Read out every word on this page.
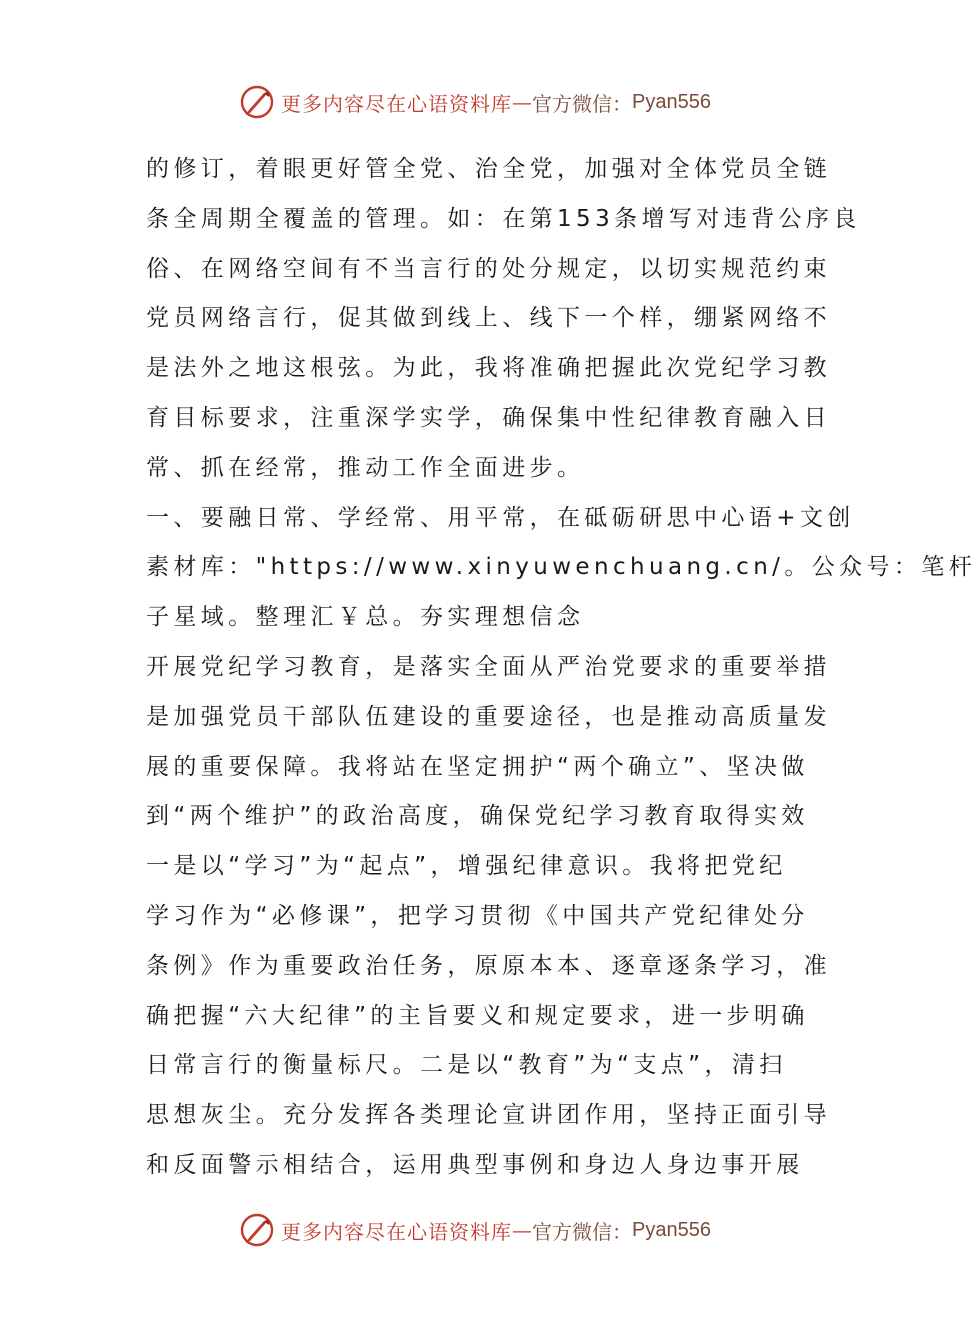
更多内容尽在心语资料库 — 官方微信： Pyan556
的修订，着眼更好管全党、治全党，加强对全体党员全链
条全周期全覆盖的管理。如：在第153条增写对违背公序良
俗、在网络空间有不当言行的处分规定，以切实规范约束
党员网络言行，促其做到线上、线下一个样，绷紧网络不
是法外之地这根弦。为此，我将准确把握此次党纪学习教
育目标要求，注重深学实学，确保集中性纪律教育融入日
常、抓在经常，推动工作全面进步。
一、要融日常、学经常、用平常，在砥砺研思中心语+文创
素材库："https://www.xinyuwenchuang.cn/。公众号：笔杆
子星域。整理汇￥总。夯实理想信念
开展党纪学习教育，是落实全面从严治党要求的重要举措
是加强党员干部队伍建设的重要途径，也是推动高质量发
展的重要保障。我将站在坚定拥护“两个确立”、坚决做
到“两个维护”的政治高度，确保党纪学习教育取得实效
一是以“学习”为“起点”，增强纪律意识。我将把党纪
学习作为“必修课”，把学习贯彻《中国共产党纪律处分
条例》作为重要政治任务，原原本本、逐章逐条学习，准
确把握“六大纪律”的主旨要义和规定要求，进一步明确
日常言行的衡量标尺。二是以“教育”为“支点”，清扫
思想灰尘。充分发挥各类理论宣讲团作用，坚持正面引导
和反面警示相结合，运用典型事例和身边人身边事开展
更多内容尽在心语资料库 — 官方微信： Pyan556
